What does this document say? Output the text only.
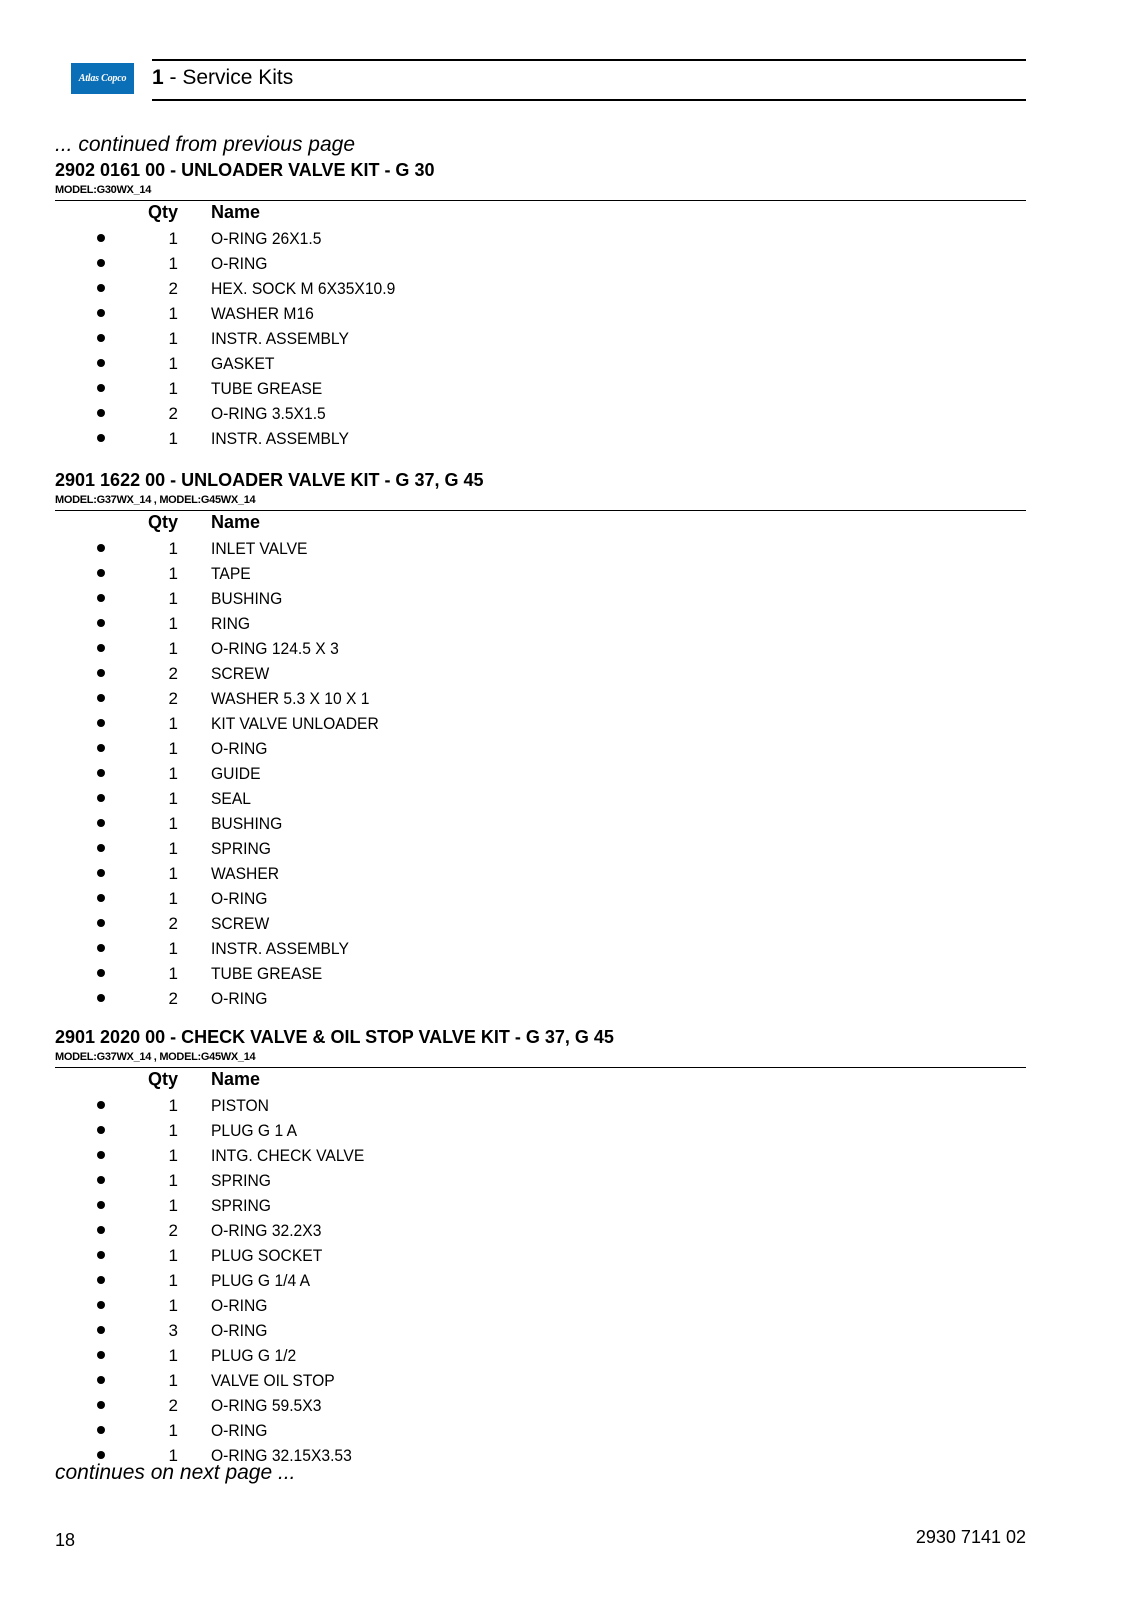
Atlas Copco	1 - Service Kits
... continued from previous page
2902 0161 00 - UNLOADER VALVE KIT - G 30
MODEL:G30WX_14
Qty Name
1 O-RING 26X1.5
1 O-RING
2 HEX. SOCK M 6X35X10.9
1 WASHER M16
1 INSTR. ASSEMBLY
1 GASKET
1 TUBE GREASE
2 O-RING 3.5X1.5
1 INSTR. ASSEMBLY
2901 1622 00 - UNLOADER VALVE KIT - G 37, G 45
MODEL:G37WX_14 , MODEL:G45WX_14
Qty Name
1 INLET VALVE
1 TAPE
1 BUSHING
1 RING
1 O-RING 124.5 X 3
2 SCREW
2 WASHER 5.3 X 10 X 1
1 KIT VALVE UNLOADER
1 O-RING
1 GUIDE
1 SEAL
1 BUSHING
1 SPRING
1 WASHER
1 O-RING
2 SCREW
1 INSTR. ASSEMBLY
1 TUBE GREASE
2 O-RING
2901 2020 00 - CHECK VALVE & OIL STOP VALVE KIT - G 37, G 45
MODEL:G37WX_14 , MODEL:G45WX_14
Qty Name
1 PISTON
1 PLUG G 1 A
1 INTG. CHECK VALVE
1 SPRING
1 SPRING
2 O-RING 32.2X3
1 PLUG SOCKET
1 PLUG G 1/4 A
1 O-RING
3 O-RING
1 PLUG G 1/2
1 VALVE OIL STOP
2 O-RING 59.5X3
1 O-RING
1 O-RING 32.15X3.53
continues on next page ...
18	2930 7141 02
